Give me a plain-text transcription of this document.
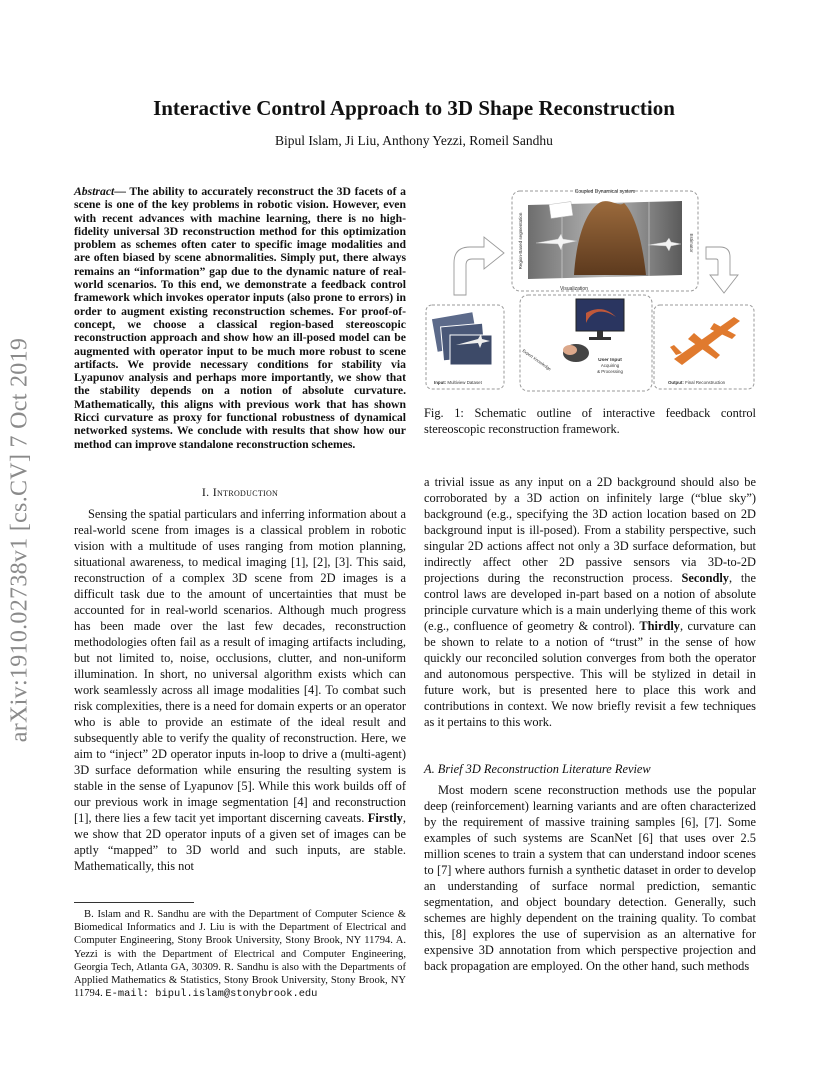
arXiv:1910.02738v1 [cs.CV] 7 Oct 2019
Interactive Control Approach to 3D Shape Reconstruction
Bipul Islam, Ji Liu, Anthony Yezzi, Romeil Sandhu
Abstract— The ability to accurately reconstruct the 3D facets of a scene is one of the key problems in robotic vision. However, even with recent advances with machine learning, there is no high-fidelity universal 3D reconstruction method for this optimization problem as schemes often cater to specific image modalities and are often biased by scene abnormalities. Simply put, there always remains an “information” gap due to the dynamic nature of real-world scenarios. To this end, we demonstrate a feedback control framework which invokes operator inputs (also prone to errors) in order to augment existing reconstruction schemes. For proof-of-concept, we choose a classical region-based stereoscopic reconstruction approach and show how an ill-posed model can be augmented with operator input to be much more robust to scene artifacts. We provide necessary conditions for stability via Lyapunov analysis and perhaps more importantly, we show that the stability depends on a notion of absolute curvature. Mathematically, this aligns with previous work that has shown Ricci curvature as proxy for functional robustness of dynamical networked systems. We conclude with results that show how our method can improve standalone reconstruction schemes.
I. Introduction

Sensing the spatial particulars and inferring information about a real-world scene from images is a classical problem in robotic vision with a multitude of uses ranging from motion planning, situational awareness, to medical imaging [1], [2], [3]. This said, reconstruction of a complex 3D scene from 2D images is a difficult task due to the amount of uncertainties that must be accounted for in real-world scenarios. Although much progress has been made over the last few decades, reconstruction methodologies often fail as a result of imaging artifacts including, but not limited to, noise, occlusions, clutter, and non-uniform illumination. In short, no universal algorithm exists which can work seamlessly across all image modalities [4]. To combat such risk complexities, there is a need for domain experts or an operator who is able to provide an estimate of the ideal result and subsequently able to verify the quality of reconstruction. Here, we aim to “inject” 2D operator inputs in-loop to drive a (multi-agent) 3D surface deformation while ensuring the resulting system is stable in the sense of Lyapunov [5]. While this work builds off of our previous work in image segmentation [4] and reconstruction [1], there lies a few tacit yet important discerning caveats. Firstly, we show that 2D operator inputs of a given set of images can be aptly “mapped” to 3D world and such inputs, are stable. Mathematically, this not

B. Islam and R. Sandhu are with the Department of Computer Science & Biomedical Informatics and J. Liu is with the Department of Electrical and Computer Engineering, Stony Brook University, Stony Brook, NY 11794. A. Yezzi is with the Department of Electrical and Computer Engineering, Georgia Tech, Atlanta GA, 30309. R. Sandhu is also with the Departments of Applied Mathematics & Statistics, Stony Brook University, Stony Brook, NY 11794. E-mail: bipul.islam@stonybrook.edu
Coupled Dynamical system
Region-Based segmentation	Estimator
Visualization
Expert Knowledge	User Input
Acquiring
& Processing
Input: Multiview Dataset	Output: Final Reconstruction
Fig. 1: Schematic outline of interactive feedback control stereoscopic reconstruction framework.
a trivial issue as any input on a 2D background should also be corroborated by a 3D action on infinitely large (“blue sky”) background (e.g., specifying the 3D action location based on 2D background input is ill-posed). From a stability perspective, such singular 2D actions affect not only a 3D surface deformation, but indirectly affect other 2D passive sensors via 3D-to-2D projections during the reconstruction process. Secondly, the control laws are developed in-part based on a notion of absolute principle curvature which is a main underlying theme of this work (e.g., confluence of geometry & control). Thirdly, curvature can be shown to relate to a notion of “trust” in the sense of how quickly our reconciled solution converges from both the operator and autonomous perspective. This will be stylized in detail in future work, but is presented here to place this work and contributions in context. We now briefly revisit a few techniques as it pertains to this work.
A. Brief 3D Reconstruction Literature Review
Most modern scene reconstruction methods use the popular deep (reinforcement) learning variants and are often characterized by the requirement of massive training samples [6], [7]. Some examples of such systems are ScanNet [6] that uses over 2.5 million scenes to train a system that can understand indoor scenes to [7] where authors furnish a synthetic dataset in order to develop an understanding of surface normal prediction, semantic segmentation, and object boundary detection. Generally, such schemes are highly dependent on the training quality. To combat this, [8] explores the use of supervision as an alternative for expensive 3D annotation from which perspective projection and back propagation are employed. On the other hand, such methods
